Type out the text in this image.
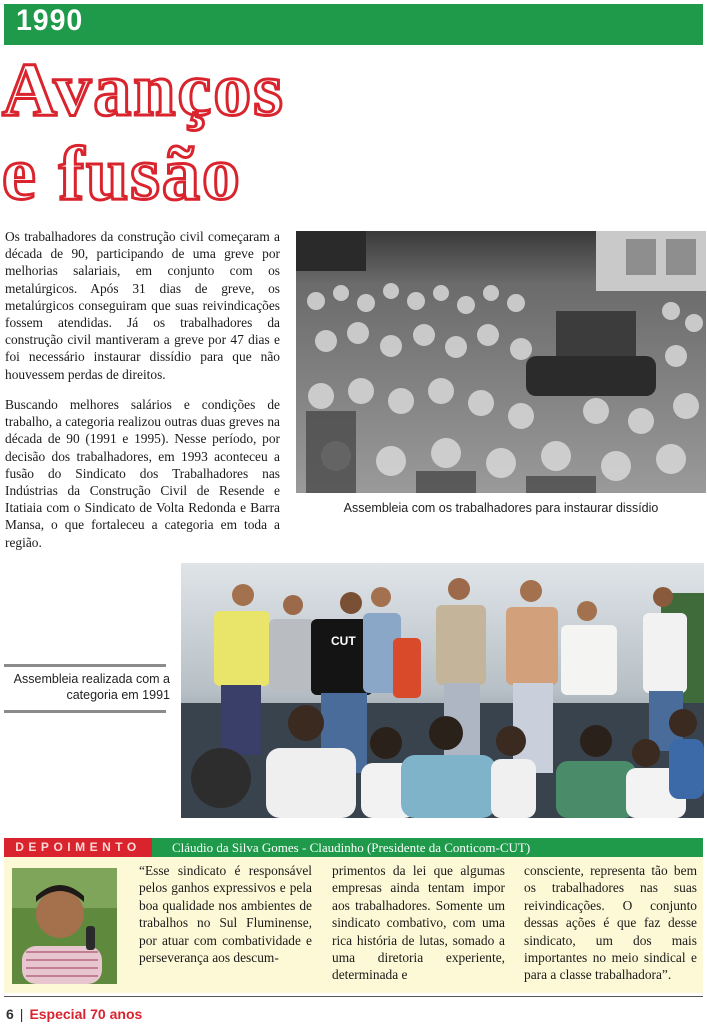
1990
Avanços
e fusão
Os trabalhadores da construção civil começaram a década de 90, participando de uma greve por melhorias salariais, em conjunto com os metalúrgicos. Após 31 dias de greve, os metalúrgicos conseguiram que suas reivindicações fossem atendidas. Já os trabalhadores da construção civil mantiveram a greve por 47 dias e foi necessário instaurar dissídio para que não houvessem perdas de direitos.
Buscando melhores salários e condições de trabalho, a categoria realizou outras duas greves na década de 90 (1991 e 1995). Nesse período, por decisão dos trabalhadores, em 1993 aconteceu a fusão do Sindicato dos Trabalhadores nas Indústrias da Construção Civil de Resende e Itatiaia com o Sindicato de Volta Redonda e Barra Mansa, o que fortaleceu a categoria em toda a região.
Assembleia com os trabalhadores para instaurar dissídio
CUT
Assembleia realizada com a categoria em 1991
DEPOIMENTO	Cláudio da Silva Gomes - Claudinho (Presidente da Conticom-CUT)
“Esse sindicato é responsável pelos ganhos expressivos e pela boa qualidade nos ambientes de trabalhos no Sul Fluminense, por atuar com combatividade e perseverança aos descum-
primentos da lei que algumas empresas ainda tentam impor aos trabalhadores. Somente um sindicato combativo, com uma rica história de lutas, somado a uma diretoria experiente, determinada e
consciente, representa tão bem os trabalhadores nas suas reivindicações. O conjunto dessas ações é que faz desse sindicato, um dos mais importantes no meio sindical e para a classe trabalhadora”.
6 | Especial 70 anos
